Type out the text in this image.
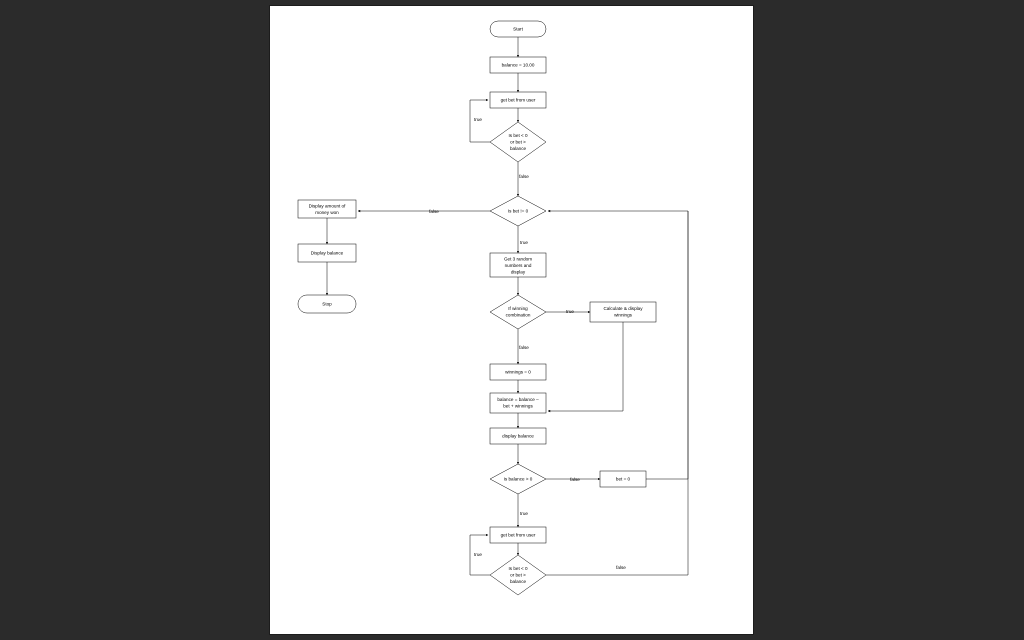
Start
balance = 10.00
get bet from user
Is bet < 0
or bet >
balance
Is bet != 0
Display amount of
money won
Display balance
Stop
Get 3 random
numbers and
display
If winning
combination
Calculate & display
winnings
winnings = 0
balance = balance –
bet + winnings
display balance
Is balance > 0	bet = 0
get bet from user
Is bet < 0
or bet >
balance
true
false
false
true
true
false
false
true
true
false
